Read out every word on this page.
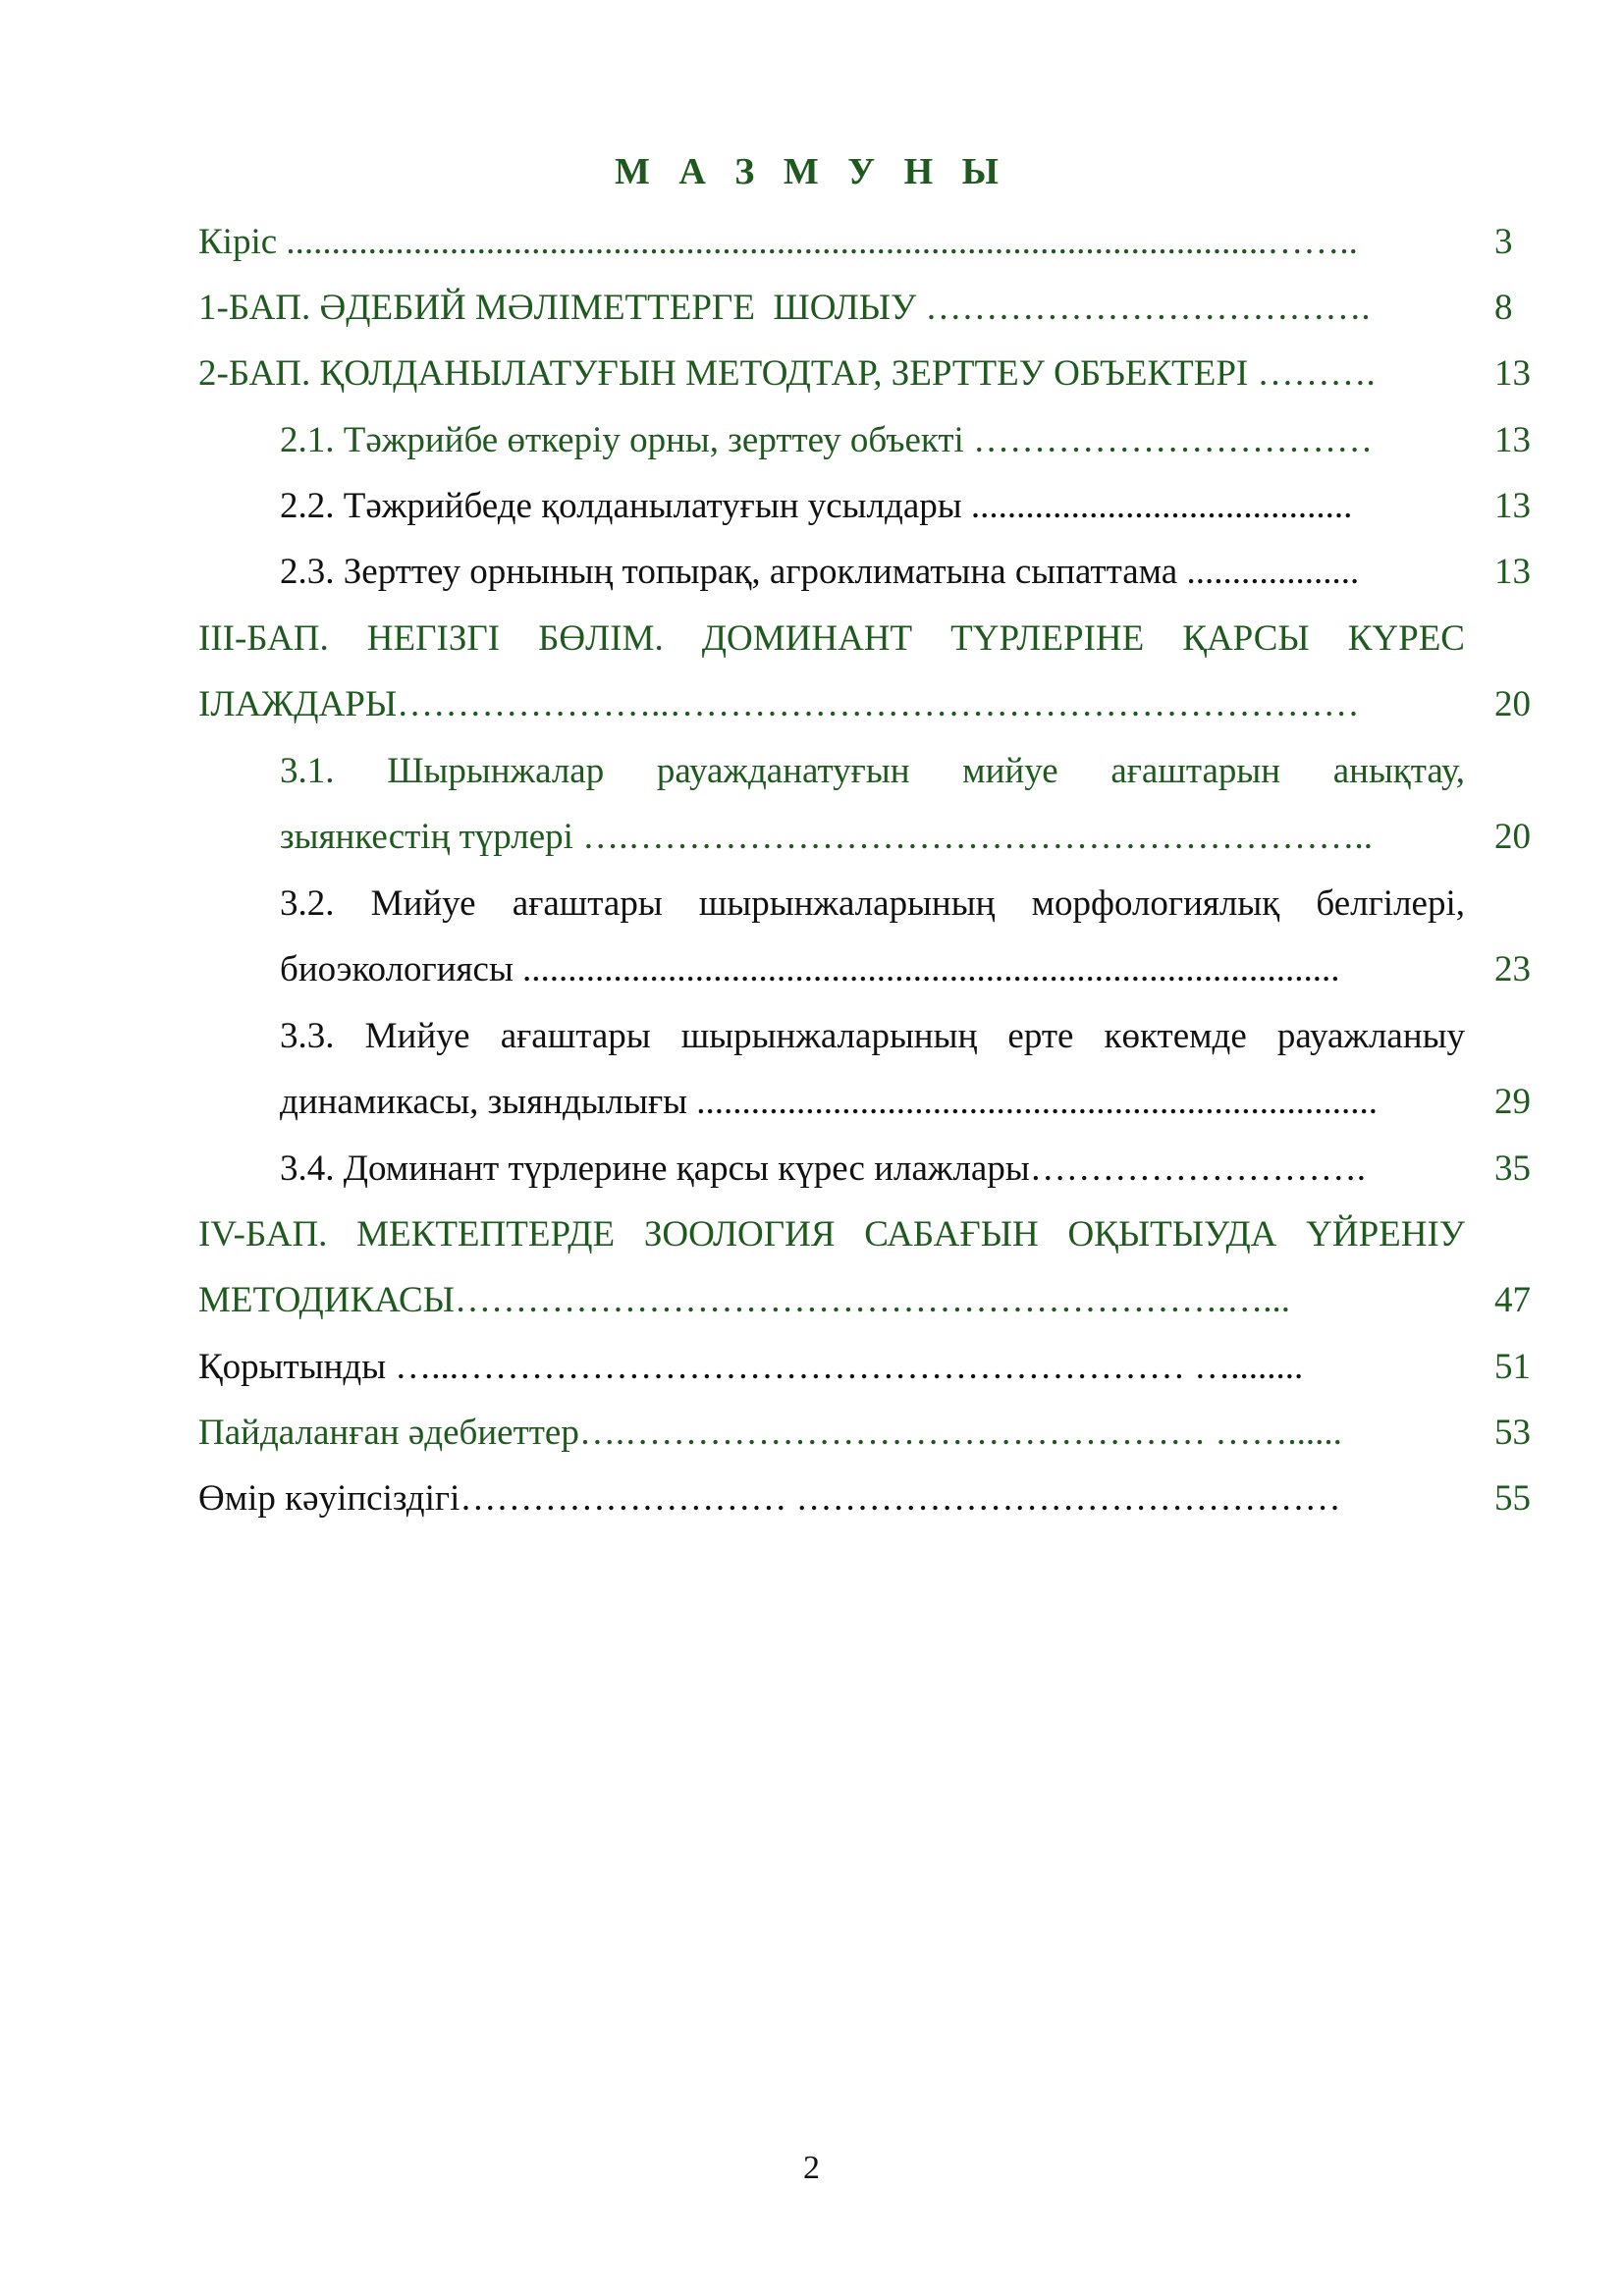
М А З М У Н Ы
Кіріс ............................................................................................................……..	3
1-БАП. ӘДЕБИЙ МӘЛІМЕТТЕРГЕ  ШОЛЫУ ……………………………….	8
2-БАП. ҚОЛДАНЫЛАТУҒЫН МЕТОДТАР, ЗЕРТТЕУ ОБЪЕКТЕРІ ……….	13
2.1. Тәжрийбе өткеріу орны, зерттеу объекті ……………………………	13
2.2. Тәжрийбеде қолданылатуғын усылдары ..........................................	13
2.3. Зерттеу орнының топырақ, агроклиматына сыпаттама ...................	13
ІІІ-БАП. НЕГІЗГІ БӨЛІМ. ДОМИНАНТ ТҮРЛЕРІНЕ ҚАРСЫ КҮРЕС
ІЛАЖДАРЫ…………………..…………………………………………………	20
3.1. Шырынжалар рауажданатуғын мийуе ағаштарын анықтау,
зыянкестің түрлері ….……………………………………………………..	20
3.2. Мийуе ағаштары шырынжаларының морфологиялық белгілері,
биоэкологиясы ..........................................................................................	23
3.3. Мийуе ағаштары шырынжаларының ерте көктемде рауажланыу
динамикасы, зыяндылығы ...........................................................................	29
3.4. Доминант түрлерине қарсы күрес илажлары……………………….	35
IV-БАП. МЕКТЕПТЕРДЕ ЗООЛОГИЯ САБАҒЫН ОҚЫТЫУДА ҮЙРЕНІУ
МЕТОДИКАСЫ……………………………………………………….…...	47
Қорытынды …...…………………………………………………… …........	51
Пайдаланған әдебиеттер….………………………………………… ……......	53
Өмір кәуіпсіздігі……………………… ………………………………………	55
2
